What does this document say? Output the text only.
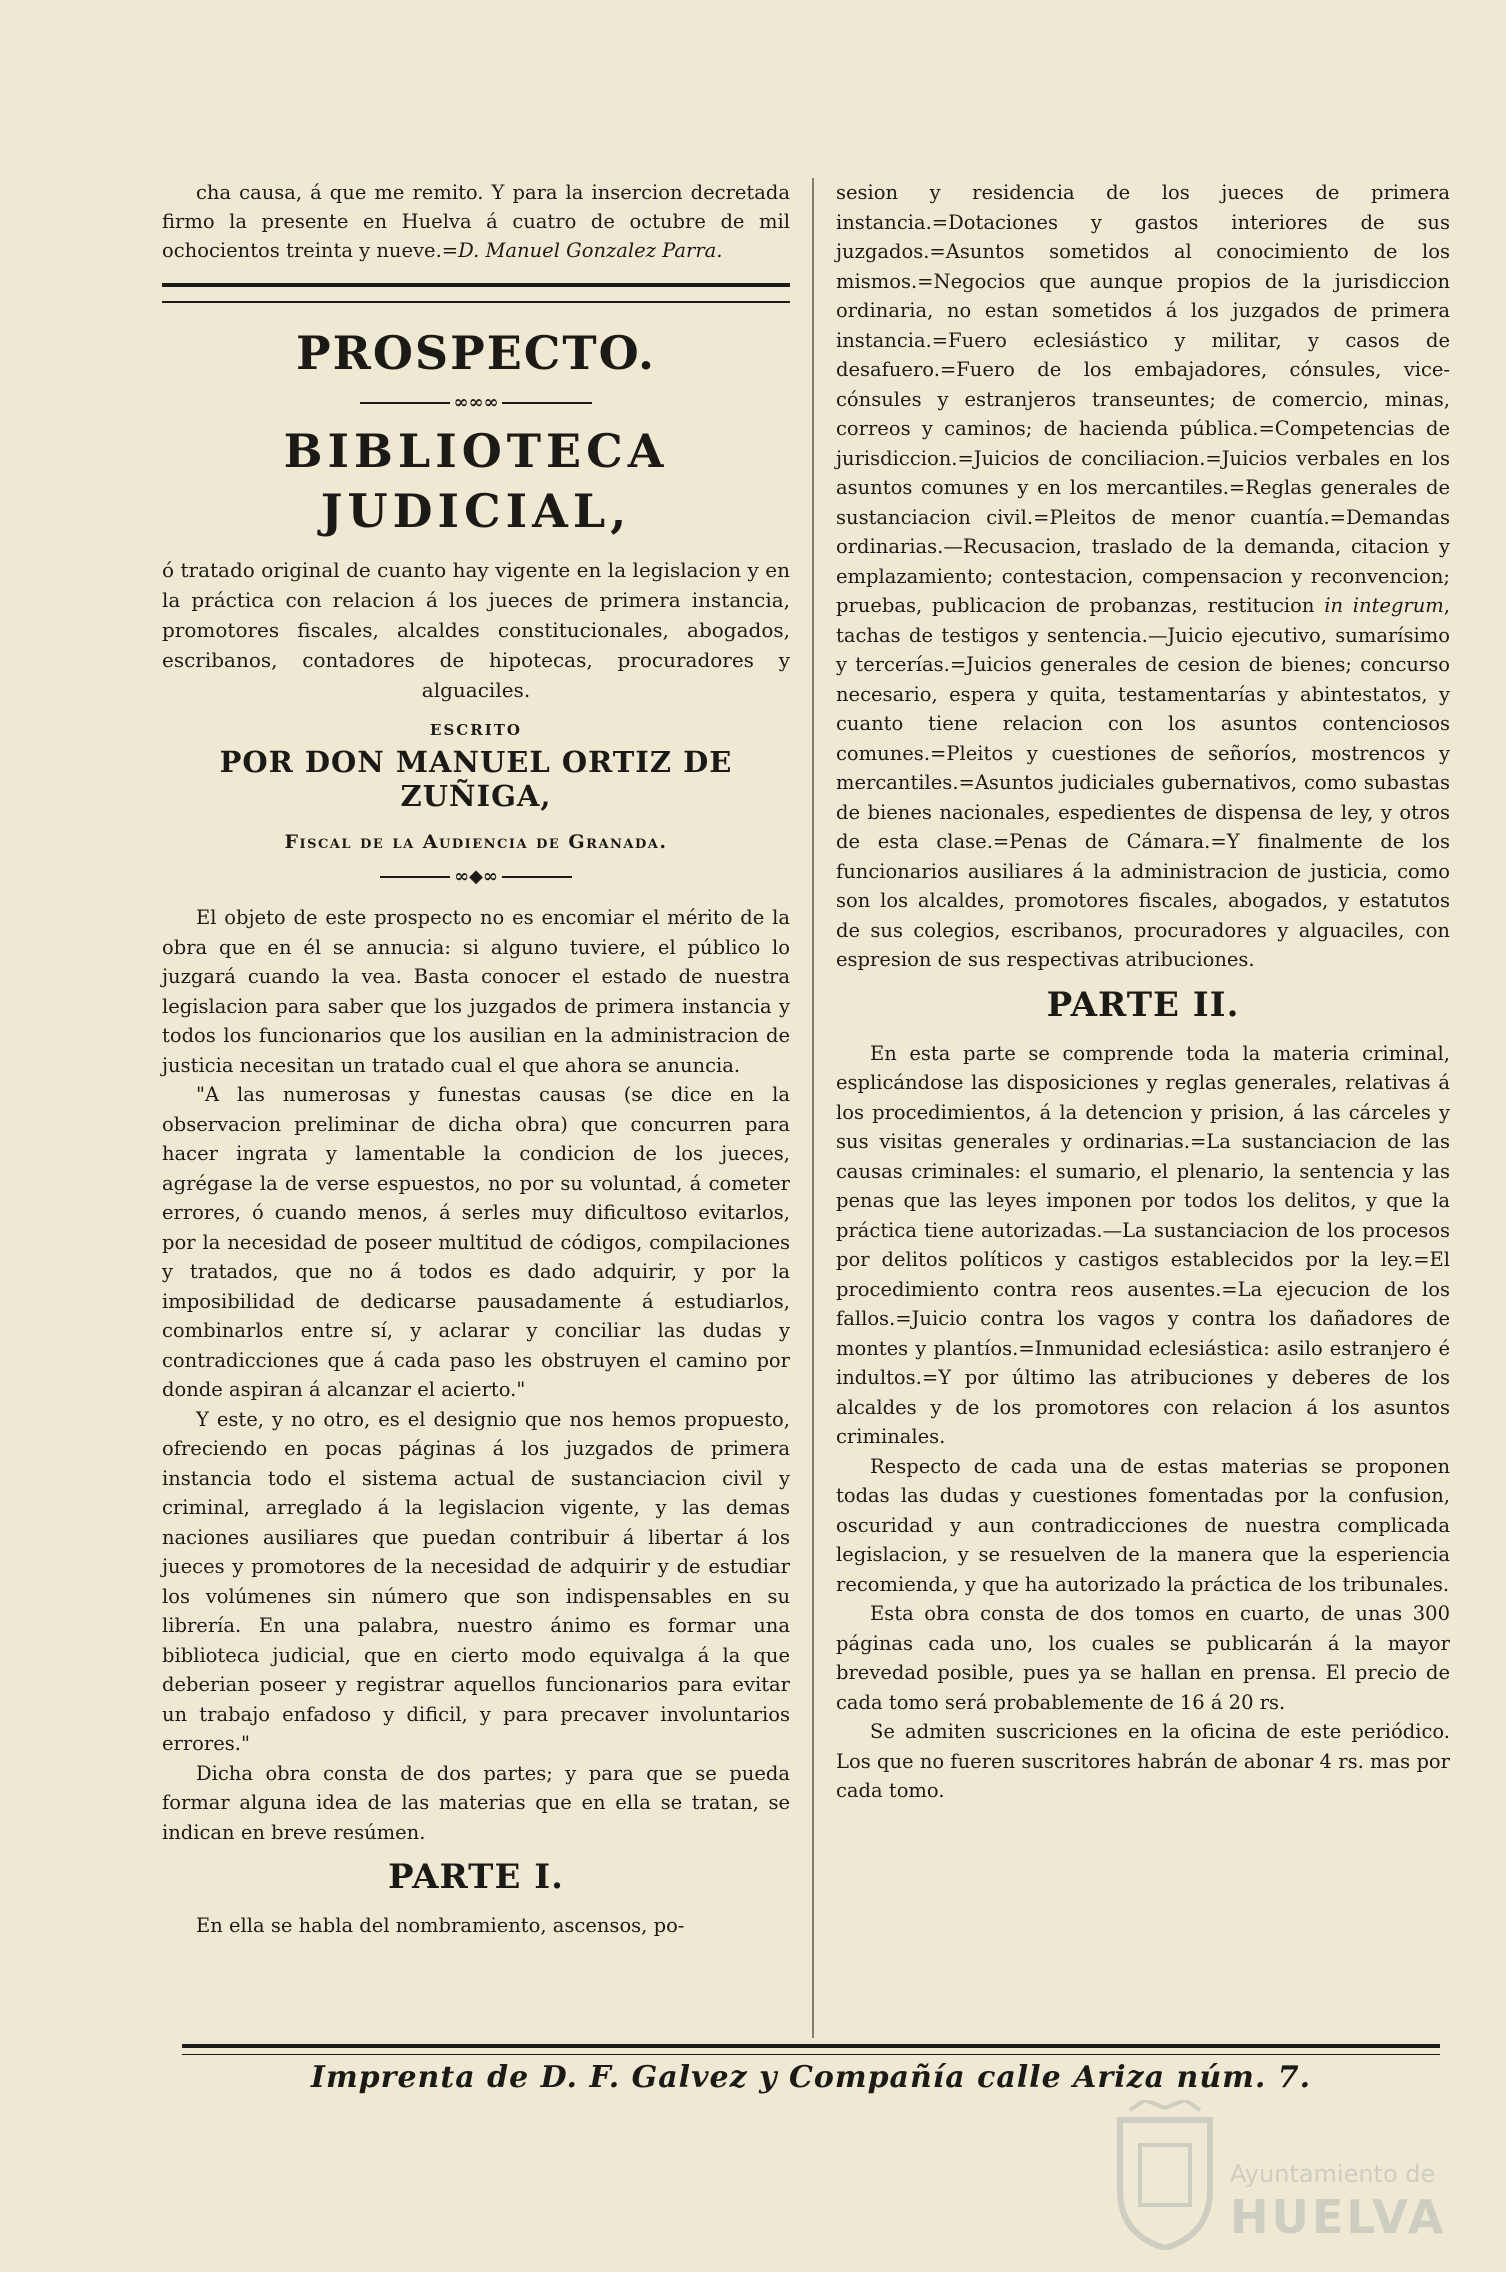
cha causa, á que me remito. Y para la insercion decretada firmo la presente en Huelva á cuatro de octubre de mil ochocientos treinta y nueve.=D. Manuel Gonzalez Parra.

PROSPECTO.
∞∞∞
BIBLIOTECA JUDICIAL,

ó tratado original de cuanto hay vigente en la legislacion y en la práctica con relacion á los jueces de primera instancia, promotores fiscales, alcaldes constitucionales, abogados, escribanos, contadores de hipotecas, procuradores y alguaciles.

ESCRITO

POR DON MANUEL ORTIZ DE ZUÑIGA,

Fiscal de la Audiencia de Granada.

∞◆∞

El objeto de este prospecto no es encomiar el mérito de la obra que en él se annucia: si alguno tuviere, el público lo juzgará cuando la vea. Basta conocer el estado de nuestra legislacion para saber que los juzgados de primera instancia y todos los funcionarios que los ausilian en la administracion de justicia necesitan un tratado cual el que ahora se anuncia.

"A las numerosas y funestas causas (se dice en la observacion preliminar de dicha obra) que concurren para hacer ingrata y lamentable la condicion de los jueces, agrégase la de verse espuestos, no por su voluntad, á cometer errores, ó cuando menos, á serles muy dificultoso evitarlos, por la necesidad de poseer multitud de códigos, compilaciones y tratados, que no á todos es dado adquirir, y por la imposibilidad de dedicarse pausadamente á estudiarlos, combinarlos entre sí, y aclarar y conciliar las dudas y contradicciones que á cada paso les obstruyen el camino por donde aspiran á alcanzar el acierto."

Y este, y no otro, es el designio que nos hemos propuesto, ofreciendo en pocas páginas á los juzgados de primera instancia todo el sistema actual de sustanciacion civil y criminal, arreglado á la legislacion vigente, y las demas naciones ausiliares que puedan contribuir á libertar á los jueces y promotores de la necesidad de adquirir y de estudiar los volúmenes sin número que son indispensables en su librería. En una palabra, nuestro ánimo es formar una biblioteca judicial, que en cierto modo equivalga á la que deberian poseer y registrar aquellos funcionarios para evitar un trabajo enfadoso y dificil, y para precaver involuntarios errores."

Dicha obra consta de dos partes; y para que se pueda formar alguna idea de las materias que en ella se tratan, se indican en breve resúmen.

PARTE I.

En ella se habla del nombramiento, ascensos, po-

sesion y residencia de los jueces de primera instancia.=Dotaciones y gastos interiores de sus juzgados.=Asuntos sometidos al conocimiento de los mismos.=Negocios que aunque propios de la jurisdiccion ordinaria, no estan sometidos á los juzgados de primera instancia.=Fuero eclesiástico y militar, y casos de desafuero.=Fuero de los embajadores, cónsules, vice-cónsules y estranjeros transeuntes; de comercio, minas, correos y caminos; de hacienda pública.=Competencias de jurisdiccion.=Juicios de conciliacion.=Juicios verbales en los asuntos comunes y en los mercantiles.=Reglas generales de sustanciacion civil.=Pleitos de menor cuantía.=Demandas ordinarias.—Recusacion, traslado de la demanda, citacion y emplazamiento; contestacion, compensacion y reconvencion; pruebas, publicacion de probanzas, restitucion in integrum, tachas de testigos y sentencia.—Juicio ejecutivo, sumarísimo y tercerías.=Juicios generales de cesion de bienes; concurso necesario, espera y quita, testamentarías y abintestatos, y cuanto tiene relacion con los asuntos contenciosos comunes.=Pleitos y cuestiones de señoríos, mostrencos y mercantiles.=Asuntos judiciales gubernativos, como subastas de bienes nacionales, espedientes de dispensa de ley, y otros de esta clase.=Penas de Cámara.=Y finalmente de los funcionarios ausiliares á la administracion de justicia, como son los alcaldes, promotores fiscales, abogados, y estatutos de sus colegios, escribanos, procuradores y alguaciles, con espresion de sus respectivas atribuciones.

PARTE II.

En esta parte se comprende toda la materia criminal, esplicándose las disposiciones y reglas generales, relativas á los procedimientos, á la detencion y prision, á las cárceles y sus visitas generales y ordinarias.=La sustanciacion de las causas criminales: el sumario, el plenario, la sentencia y las penas que las leyes imponen por todos los delitos, y que la práctica tiene autorizadas.—La sustanciacion de los procesos por delitos políticos y castigos establecidos por la ley.=El procedimiento contra reos ausentes.=La ejecucion de los fallos.=Juicio contra los vagos y contra los dañadores de montes y plantíos.=Inmunidad eclesiástica: asilo estranjero é indultos.=Y por último las atribuciones y deberes de los alcaldes y de los promotores con relacion á los asuntos criminales.

Respecto de cada una de estas materias se proponen todas las dudas y cuestiones fomentadas por la confusion, oscuridad y aun contradicciones de nuestra complicada legislacion, y se resuelven de la manera que la esperiencia recomienda, y que ha autorizado la práctica de los tribunales.

Esta obra consta de dos tomos en cuarto, de unas 300 páginas cada uno, los cuales se publicarán á la mayor brevedad posible, pues ya se hallan en prensa. El precio de cada tomo será probablemente de 16 á 20 rs.

Se admiten suscriciones en la oficina de este periódico. Los que no fueren suscritores habrán de abonar 4 rs. mas por cada tomo.

Imprenta de D. F. Galvez y Compañía calle Ariza núm. 7.

Ayuntamiento de
HUELVA
